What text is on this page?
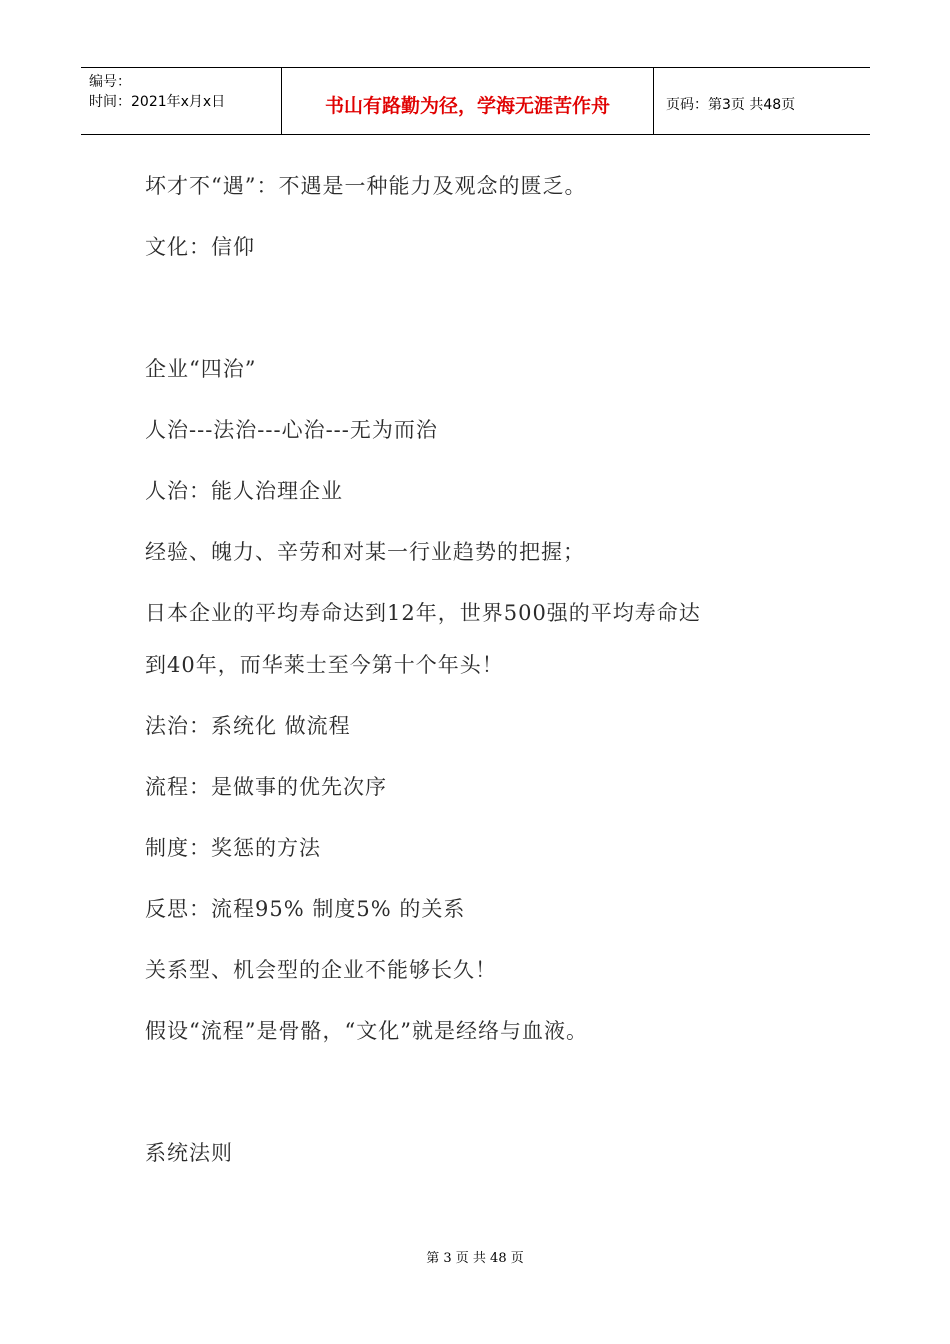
编号：
时间：2021年x月x日	书山有路勤为径，学海无涯苦作舟	页码：第3页 共48页
坏才不“遇”：不遇是一种能力及观念的匮乏。
文化：信仰
企业“四治”
人治---法治---心治---无为而治
人治：能人治理企业
经验、魄力、辛劳和对某一行业趋势的把握；
日本企业的平均寿命达到12年，世界500强的平均寿命达
到40年，而华莱士至今第十个年头！
法治：系统化 做流程
流程：是做事的优先次序
制度：奖惩的方法
反思：流程95% 制度5% 的关系
关系型、机会型的企业不能够长久！
假设“流程”是骨骼，“文化”就是经络与血液。
系统法则
第 3 页 共 48 页
